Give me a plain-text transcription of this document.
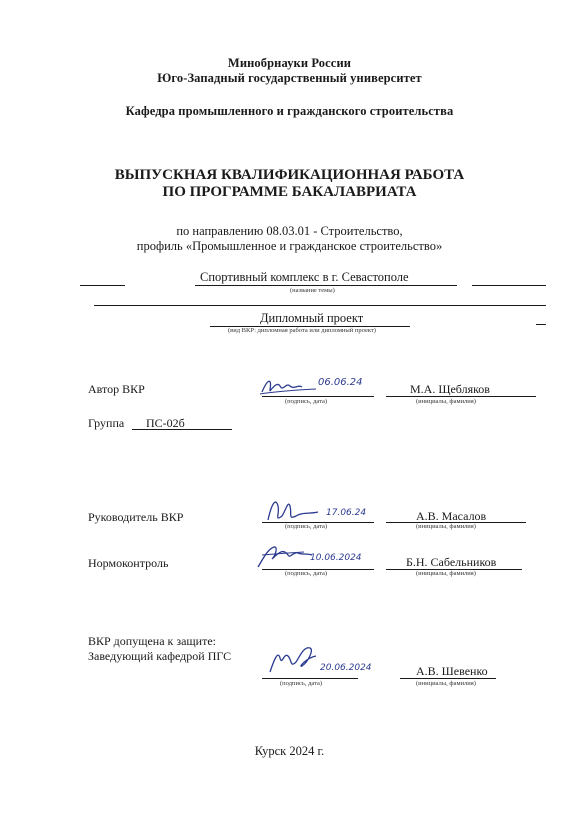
Минобрнауки России
Юго-Западный государственный университет
Кафедра промышленного и гражданского строительства
ВЫПУСКНАЯ КВАЛИФИКАЦИОННАЯ РАБОТА
ПО ПРОГРАММЕ БАКАЛАВРИАТА
по направлению 08.03.01 - Строительство,
профиль «Промышленное и гражданское строительство»
Спортивный комплекс в г. Севастополе
(название темы)
Дипломный проект
(вид ВКР: дипломная работа или дипломный проект)
Автор ВКР	06.06.24
(подпись, дата)
М.А. Щебляков
(инициалы, фамилия)
Группа ПС-02б
Руководитель ВКР	17.06.24
(подпись, дата)
А.В. Масалов
(инициалы, фамилия)
Нормоконтроль	10.06.2024
(подпись, дата)
Б.Н. Сабельников
(инициалы, фамилия)
ВКР допущена к защите:
Заведующий кафедрой ПГС
20.06.2024
(подпись, дата)
А.В. Шевенко
(инициалы, фамилия)
Курск 2024 г.
